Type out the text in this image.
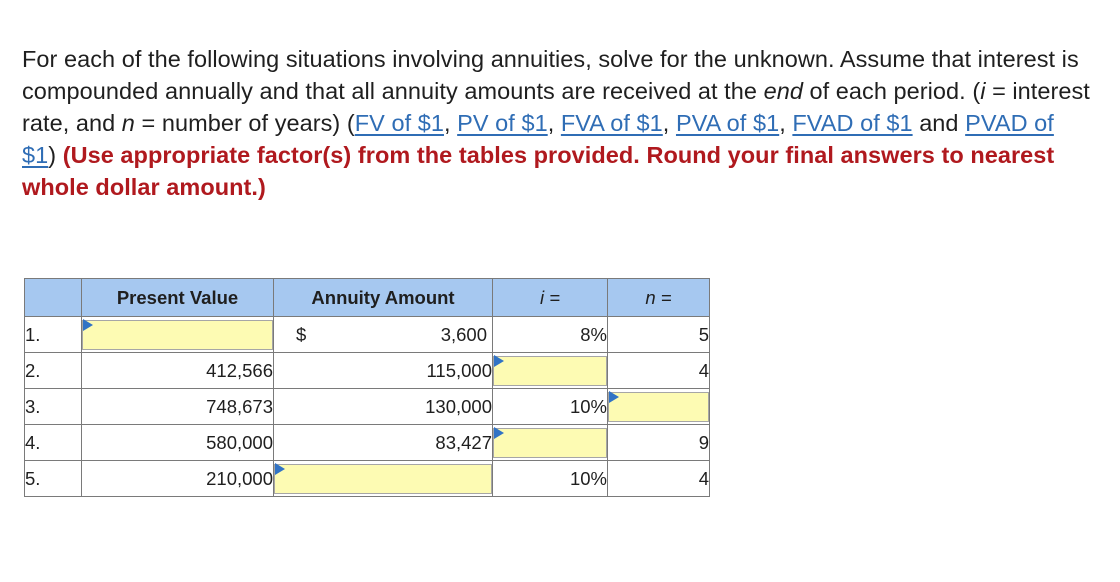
For each of the following situations involving annuities, solve for the unknown. Assume that interest is compounded annually and that all annuity amounts are received at the end of each period. (i = interest rate, and n = number of years) (FV of $1, PV of $1, FVA of $1, PVA of $1, FVAD of $1 and PVAD of $1) (Use appropriate factor(s) from the tables provided. Round your final answers to nearest whole dollar amount.)
	Present Value	Annuity Amount	i =	n =
1.		$ 3,600	8%	5
2.	412,566	115,000		4
3.	748,673	130,000	10%	

4.	580,000	83,427		9
5.	210,000		10%	4
